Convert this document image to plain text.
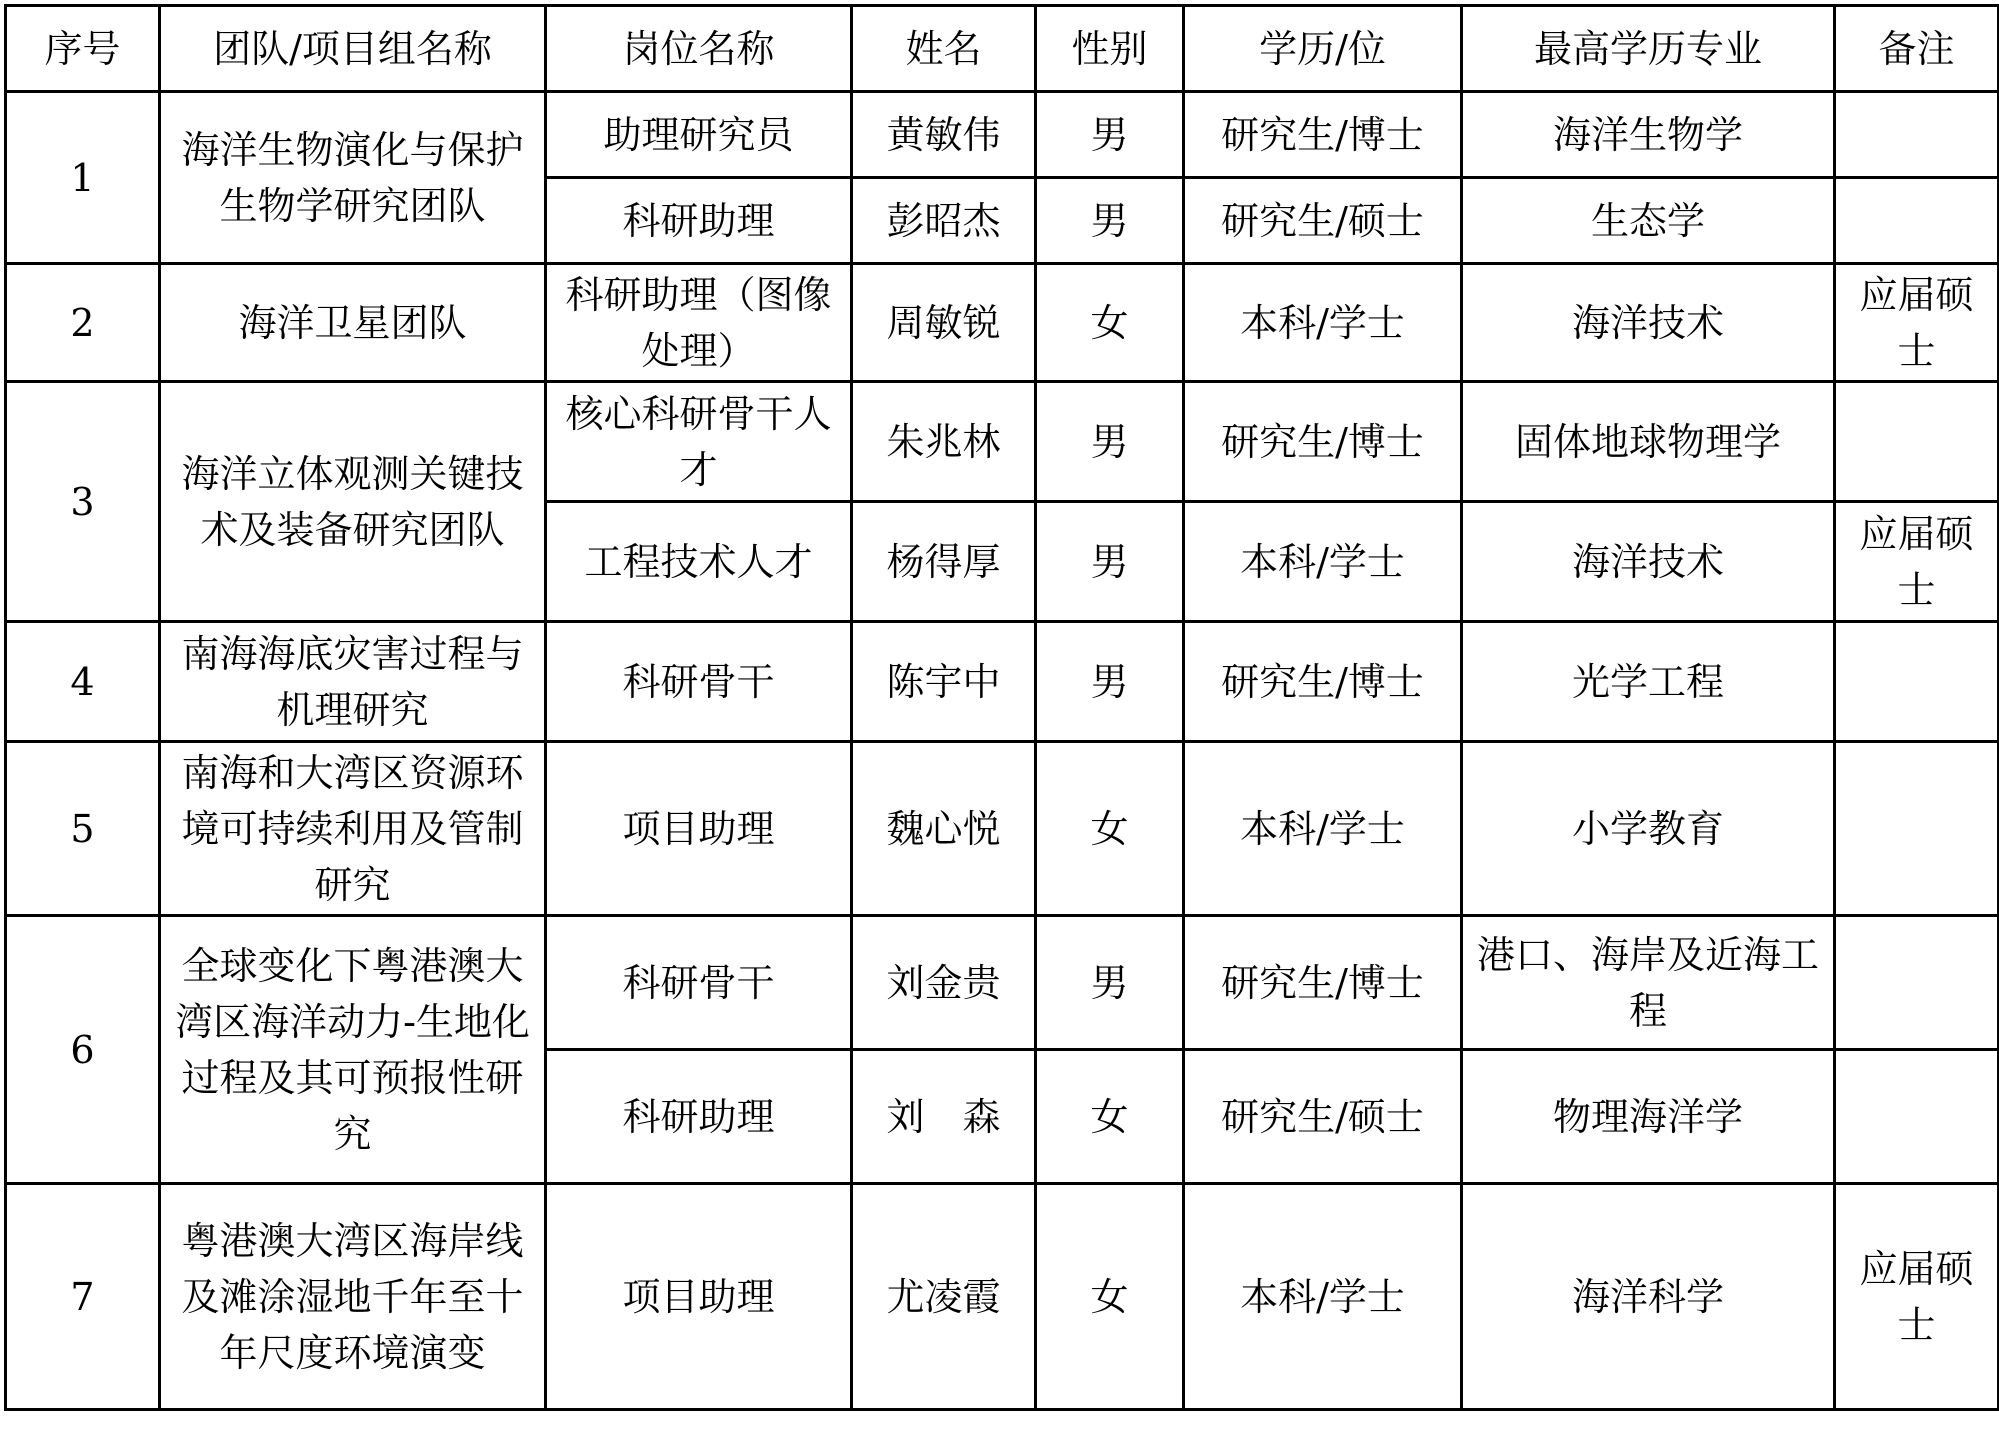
序号	团队/项目组名称	岗位名称	姓名	性别	学历/位	最高学历专业	备注
1	海洋生物演化与保护生物学研究团队	助理研究员	黄敏伟	男	研究生/博士	海洋生物学	
		科研助理	彭昭杰	男	研究生/硕士	生态学	
2	海洋卫星团队	科研助理（图像处理）	周敏锐	女	本科/学士	海洋技术	应届硕士
3	海洋立体观测关键技术及装备研究团队	核心科研骨干人才	朱兆林	男	研究生/博士	固体地球物理学	
		工程技术人才	杨得厚	男	本科/学士	海洋技术	应届硕士
4	南海海底灾害过程与机理研究	科研骨干	陈宇中	男	研究生/博士	光学工程	
5	南海和大湾区资源环境可持续利用及管制研究	项目助理	魏心悦	女	本科/学士	小学教育	
6	全球变化下粤港澳大湾区海洋动力-生地化过程及其可预报性研究	科研骨干	刘金贵	男	研究生/博士	港口、海岸及近海工程	
		科研助理	刘　森	女	研究生/硕士	物理海洋学	
7	粤港澳大湾区海岸线及滩涂湿地千年至十年尺度环境演变	项目助理	尤凌霞	女	本科/学士	海洋科学	应届硕士
